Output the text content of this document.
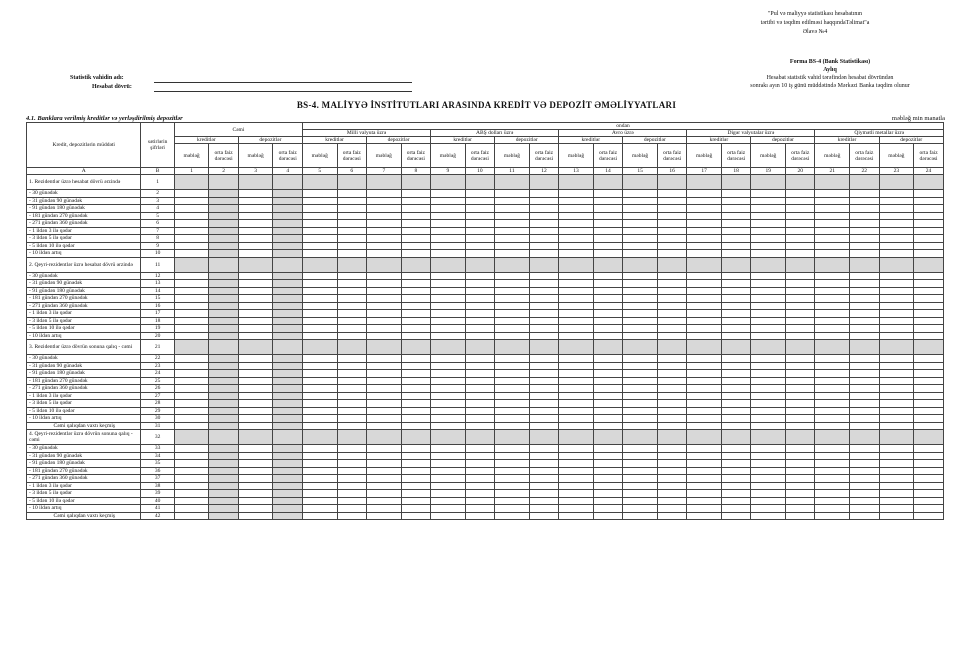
"Pul və maliyyə statistikası hesabatının
tərtibi və təqdim edilməsi haqqındaTəlimat"a
Əlavə №4
Forma BS-4 (Bank Statistikası)
Aylıq
Hesabat statistik vahid tərəfindən hesabat dövründən
sonrakı ayın 10 iş günü müddətində Mərkəzi Banka təqdim olunur
Statistik vahidin adı:
Hesabat dövrü:
BS-4. MALİYYƏ İNSTİTUTLARI ARASINDA KREDİT VƏ DEPOZİT ƏMƏLİYYATLARI
4.1. Banklara verilmiş kreditlər və yerləşdirilmiş depozitlər	məbləğ min manatla
Kredit, depozitlərin müddəti	sətirlərin şifrləri	Cəmi				ondan																			
						Milli valyuta üzrə				ABŞ dolları üzrə				Avro üzrə				Digər valyutalar üzrə				Qiymətli metallar üzrə			
		kreditlər		depozitlər		kreditlər		depozitlər		kreditlər		depozitlər		kreditlər		depozitlər		kreditlər		depozitlər		kreditlər		depozitlər	
		məbləğ	orta faiz dərəcəsi	məbləğ	orta faiz dərəcəsi	məbləğ	orta faiz dərəcəsi	məbləğ	orta faiz dərəcəsi	məbləğ	orta faiz dərəcəsi	məbləğ	orta faiz dərəcəsi	məbləğ	orta faiz dərəcəsi	məbləğ	orta faiz dərəcəsi	məbləğ	orta faiz dərəcəsi	məbləğ	orta faiz dərəcəsi	məbləğ	orta faiz dərəcəsi	məbləğ	orta faiz dərəcəsi
A	B	1	2	3	4	5	6	7	8	9	10	11	12	13	14	15	16	17	18	19	20	21	22	23	24
1. Rezidentlər üzrə hesabat dövrü ərzində	1																								
- 30 günədək	2																								
- 31 gündən 90 günədək	3																								
- 91 gündən 180 günədək	4																								
- 181 gündən 270 günədək	5																								
- 271 gündən 360 günədək	6																								
- 1 ildən 3 ilə qədər	7																								
- 3 ildən 5 ilə qədər	8																								
- 5 ildən 10 ilə qədər	9																								
- 10 ildən artıq	10																								
2. Qeyri-rezidentlər üzrə hesabat dövrü ərzində	11																								
- 30 günədək	12																								
- 31 gündən 90 günədək	13																								
- 91 gündən 180 günədək	14																								
- 181 gündən 270 günədək	15																								
- 271 gündən 360 günədək	16																								
- 1 ildən 3 ilə qədər	17																								
- 3 ildən 5 ilə qədər	18																								
- 5 ildən 10 ilə qədər	19																								
- 10 ildən artıq	20																								
3. Rezidentlər üzrə dövrün sonuna qalıq - cəmi	21																								
- 30 günədək	22																								
- 31 gündən 90 günədək	23																								
- 91 gündən 180 günədək	24																								
- 181 gündən 270 günədək	25																								
- 271 gündən 360 günədək	26																								
- 1 ildən 3 ilə qədər	27																								
- 3 ildən 5 ilə qədər	28																								
- 5 ildən 10 ilə qədər	29																								
- 10 ildən artıq	30																								
Cəmi qalıqdan vaxtı keçmiş	31																								
4. Qeyri-rezidentlər üzrə dövrün sonuna qalıq - cəmi	32																								
- 30 günədək	33																								
- 31 gündən 90 günədək	34																								
- 91 gündən 180 günədək	35																								
- 181 gündən 270 günədək	36																								
- 271 gündən 360 günədək	37																								
- 1 ildən 3 ilə qədər	38																								
- 3 ildən 5 ilə qədər	39																								
- 5 ildən 10 ilə qədər	40																								
- 10 ildən artıq	41																								
Cəmi qalıqdan vaxtı keçmiş	42																								
